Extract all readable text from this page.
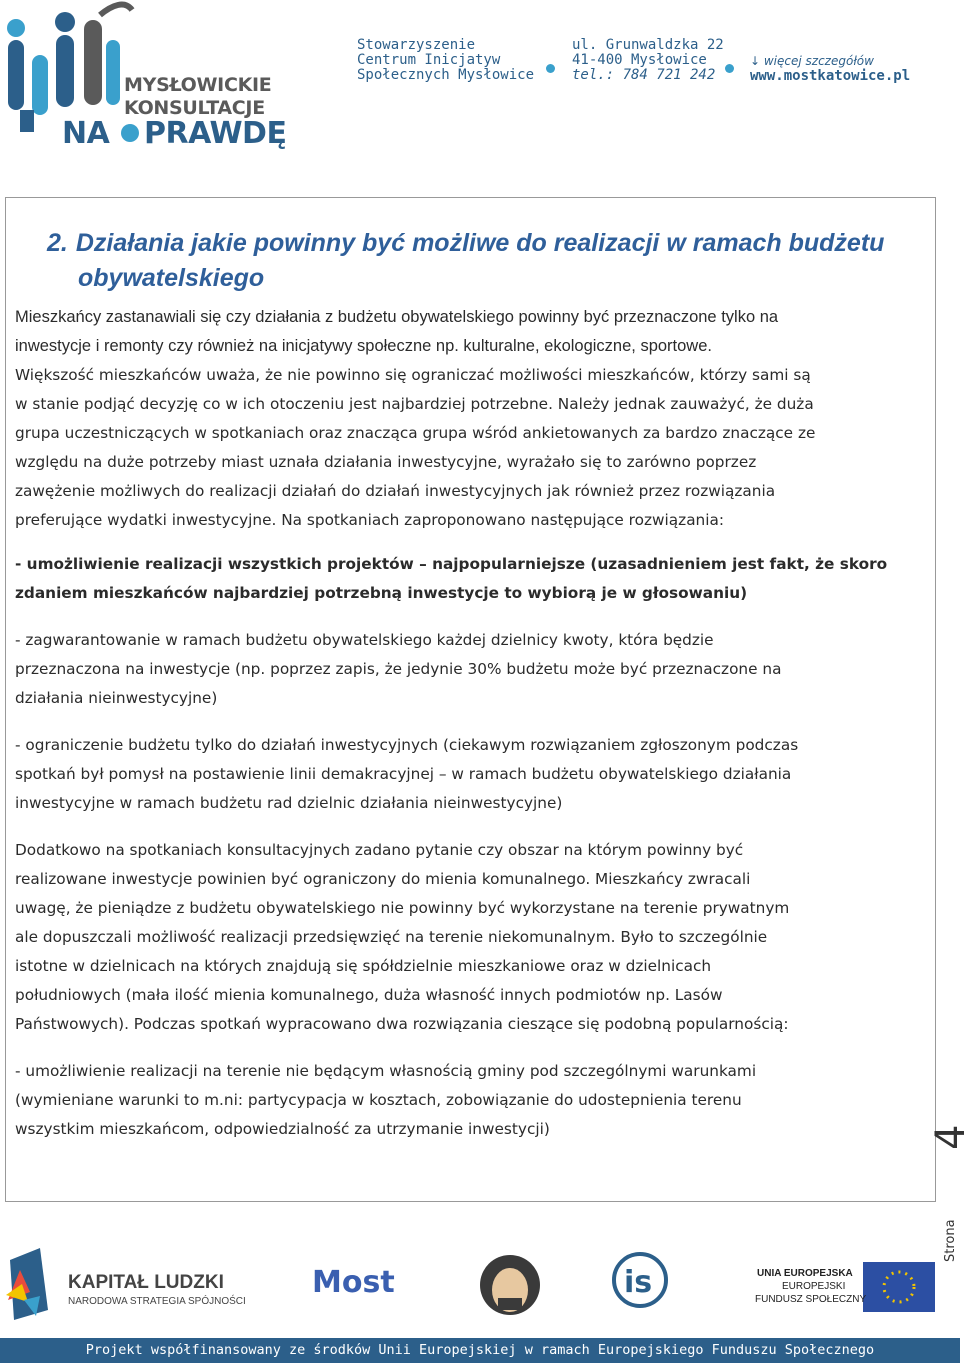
MYSŁOWICKIE
KONSULTACJE
NA PRAWDĘ
Stowarzyszenie
Centrum Inicjatyw
Społecznych Mysłowice
ul. Grunwaldzka 22
41-400 Mysłowice
tel.: 784 721 242
↓ więcej szczegółów
www.mostkatowice.pl
2. Działania jakie powinny być możliwe do realizacji w ramach budżetu
obywatelskiego
Mieszkańcy zastanawiali się czy działania z budżetu obywatelskiego powinny być przeznaczone tylko na
inwestycje i remonty czy również na inicjatywy społeczne np. kulturalne, ekologiczne, sportowe.
Większość mieszkańców uważa, że nie powinno się ograniczać możliwości mieszkańców, którzy sami są
w stanie podjąć decyzję co w ich otoczeniu jest najbardziej potrzebne. Należy jednak zauważyć, że duża
grupa uczestniczących w spotkaniach oraz znacząca grupa wśród ankietowanych za bardzo znaczące ze
względu na duże potrzeby miast uznała działania inwestycyjne, wyrażało się to zarówno poprzez
zawężenie możliwych do realizacji działań do działań inwestycyjnych jak również przez rozwiązania
preferujące wydatki inwestycyjne. Na spotkaniach zaproponowano następujące rozwiązania:
- umożliwienie realizacji wszystkich projektów – najpopularniejsze (uzasadnieniem jest fakt, że skoro
zdaniem mieszkańców najbardziej potrzebną inwestycje to wybiorą je w głosowaniu)
- zagwarantowanie w ramach budżetu obywatelskiego każdej dzielnicy kwoty, która będzie
przeznaczona na inwestycje (np. poprzez zapis, że jedynie 30% budżetu może być przeznaczone na
działania nieinwestycyjne)
- ograniczenie budżetu tylko do działań inwestycyjnych (ciekawym rozwiązaniem zgłoszonym podczas
spotkań był pomysł na postawienie linii demakracyjnej – w ramach budżetu obywatelskiego działania
inwestycyjne w ramach budżetu rad dzielnic działania nieinwestycyjne)
Dodatkowo na spotkaniach konsultacyjnych zadano pytanie czy obszar na którym powinny być
realizowane inwestycje powinien być ograniczony do mienia komunalnego. Mieszkańcy zwracali
uwagę, że pieniądze z budżetu obywatelskiego nie powinny być wykorzystane na terenie prywatnym
ale dopuszczali możliwość realizacji przedsięwzięć na terenie niekomunalnym. Było to szczególnie
istotne w dzielnicach na których znajdują się spółdzielnie mieszkaniowe oraz w dzielnicach
południowych (mała ilość mienia komunalnego, duża własność innych podmiotów np. Lasów
Państwowych). Podczas spotkań wypracowano dwa rozwiązania cieszące się podobną popularnością:
- umożliwienie realizacji na terenie nie będącym własnością gminy pod szczególnymi warunkami
(wymieniane warunki to m.ni: partycypacja w kosztach, zobowiązanie do udostepnienia terenu
wszystkim mieszkańcom, odpowiedzialność za utrzymanie inwestycji)	4
Strona
Most	is
KAPITAŁ LUDZKI
NARODOWA STRATEGIA SPÓJNOŚCI
UNIA EUROPEJSKA
EUROPEJSKI
FUNDUSZ SPOŁECZNY
Projekt współfinansowany ze środków Unii Europejskiej w ramach Europejskiego Funduszu Społecznego
